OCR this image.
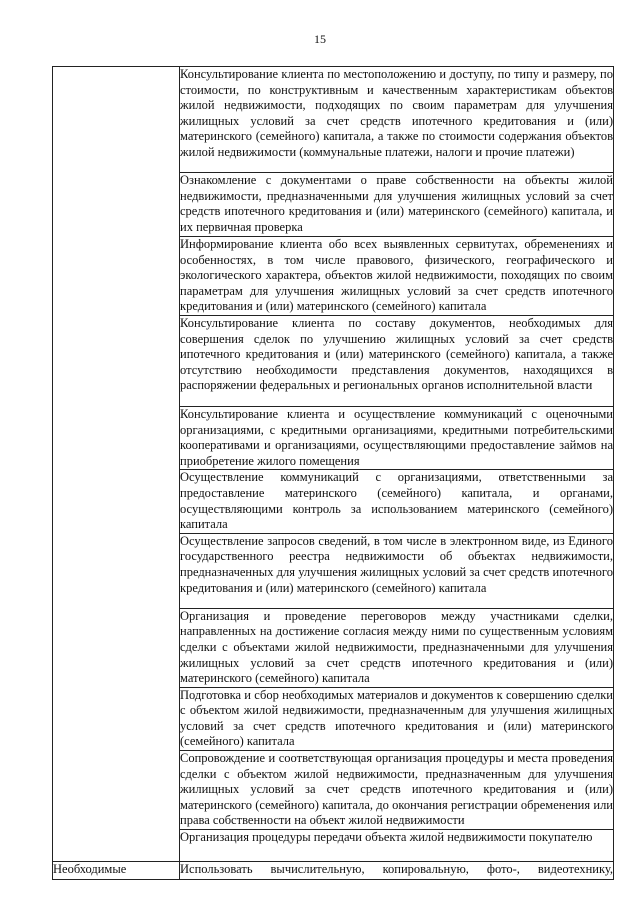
15

	Консультирование клиента по местоположению и доступу, по типу и размеру, по стоимости, по конструктивным и качественным характеристикам объектов жилой недвижимости, подходящих по своим параметрам для улучшения жилищных условий за счет средств ипотечного кредитования и (или) материнского (семейного) капитала, а также по стоимости содержания объектов жилой недвижимости (коммунальные платежи, налоги и прочие платежи)

	Ознакомление с документами о праве собственности на объекты жилой недвижимости, предназначенными для улучшения жилищных условий за счет средств ипотечного кредитования и (или) материнского (семейного) капитала, и их первичная проверка

	Информирование клиента обо всех выявленных сервитутах, обременениях и особенностях, в том числе правового, физического, географического и экологического характера, объектов жилой недвижимости, походящих по своим параметрам для улучшения жилищных условий за счет средств ипотечного кредитования и (или) материнского (семейного) капитала

	Консультирование клиента по составу документов, необходимых для совершения сделок по улучшению жилищных условий за счет средств ипотечного кредитования и (или) материнского (семейного) капитала, а также отсутствию необходимости представления документов, находящихся в распоряжении федеральных и региональных органов исполнительной власти

	Консультирование клиента и осуществление коммуникаций с оценочными организациями, с кредитными организациями, кредитными потребительскими кооперативами и организациями, осуществляющими предоставление займов на приобретение жилого помещения

	Осуществление коммуникаций с организациями, ответственными за предоставление материнского (семейного) капитала, и органами, осуществляющими контроль за использованием материнского (семейного) капитала

	Осуществление запросов сведений, в том числе в электронном виде, из Единого государственного реестра недвижимости об объектах недвижимости, предназначенных для улучшения жилищных условий за счет средств ипотечного кредитования и (или) материнского (семейного) капитала

	Организация и проведение переговоров между участниками сделки, направленных на достижение согласия между ними по существенным условиям сделки с объектами жилой недвижимости, предназначенными для улучшения жилищных условий за счет средств ипотечного кредитования и (или) материнского (семейного) капитала

	Подготовка и сбор необходимых материалов и документов к совершению сделки с объектом жилой недвижимости, предназначенным для улучшения жилищных условий за счет средств ипотечного кредитования и (или) материнского (семейного) капитала

	Сопровождение и соответствующая организация процедуры и места проведения сделки с объектом жилой недвижимости, предназначенным для улучшения жилищных условий за счет средств ипотечного кредитования и (или) материнского (семейного) капитала, до окончания регистрации обременения или права собственности на объект жилой недвижимости

	Организация процедуры передачи объекта жилой недвижимости покупателю

Необходимые	Использовать вычислительную, копировальную, фото-, видеотехнику,
